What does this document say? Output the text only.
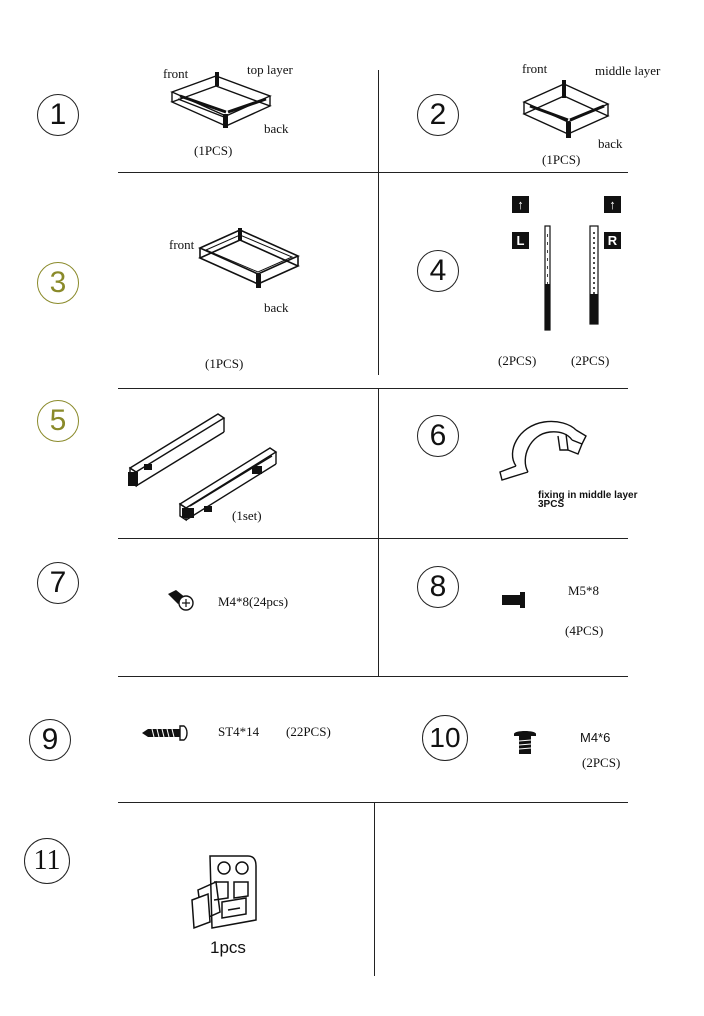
1
front	top layer
back
(1PCS)
2
front	middle layer
back
(1PCS)
3
front
back
(1PCS)
4
↑
L
↑
R
(2PCS)	(2PCS)
5
(1set)
6
fixing in middle layer
3PCS
7
M4*8(24pcs)	8	M5*8
(4PCS)
9	ST4*14 (22PCS)	10	M4*6
(2PCS)
11
1pcs
